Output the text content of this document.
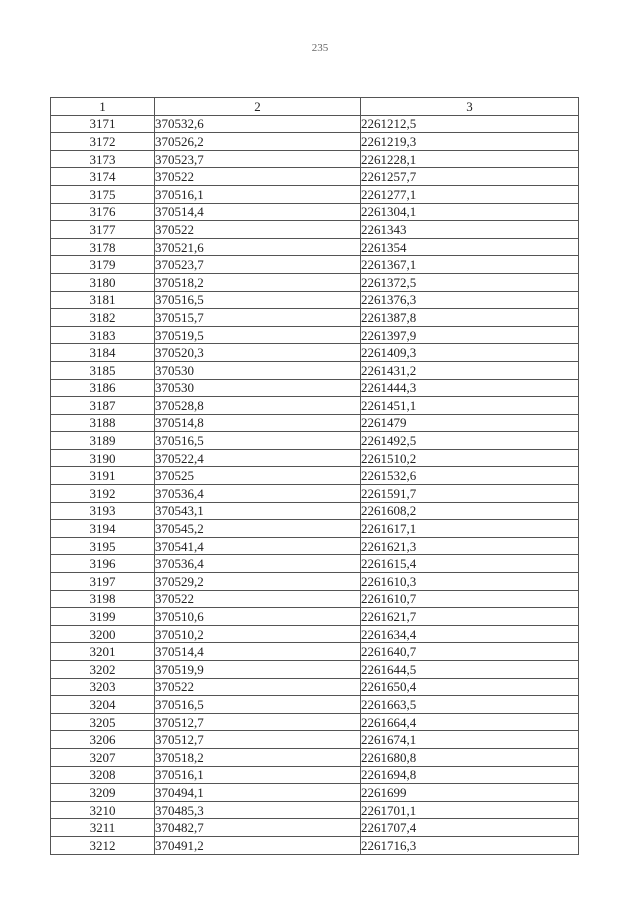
235
1	2	3
3171	370532,6	2261212,5
3172	370526,2	2261219,3
3173	370523,7	2261228,1
3174	370522	2261257,7
3175	370516,1	2261277,1
3176	370514,4	2261304,1
3177	370522	2261343
3178	370521,6	2261354
3179	370523,7	2261367,1
3180	370518,2	2261372,5
3181	370516,5	2261376,3
3182	370515,7	2261387,8
3183	370519,5	2261397,9
3184	370520,3	2261409,3
3185	370530	2261431,2
3186	370530	2261444,3
3187	370528,8	2261451,1
3188	370514,8	2261479
3189	370516,5	2261492,5
3190	370522,4	2261510,2
3191	370525	2261532,6
3192	370536,4	2261591,7
3193	370543,1	2261608,2
3194	370545,2	2261617,1
3195	370541,4	2261621,3
3196	370536,4	2261615,4
3197	370529,2	2261610,3
3198	370522	2261610,7
3199	370510,6	2261621,7
3200	370510,2	2261634,4
3201	370514,4	2261640,7
3202	370519,9	2261644,5
3203	370522	2261650,4
3204	370516,5	2261663,5
3205	370512,7	2261664,4
3206	370512,7	2261674,1
3207	370518,2	2261680,8
3208	370516,1	2261694,8
3209	370494,1	2261699
3210	370485,3	2261701,1
3211	370482,7	2261707,4
3212	370491,2	2261716,3
